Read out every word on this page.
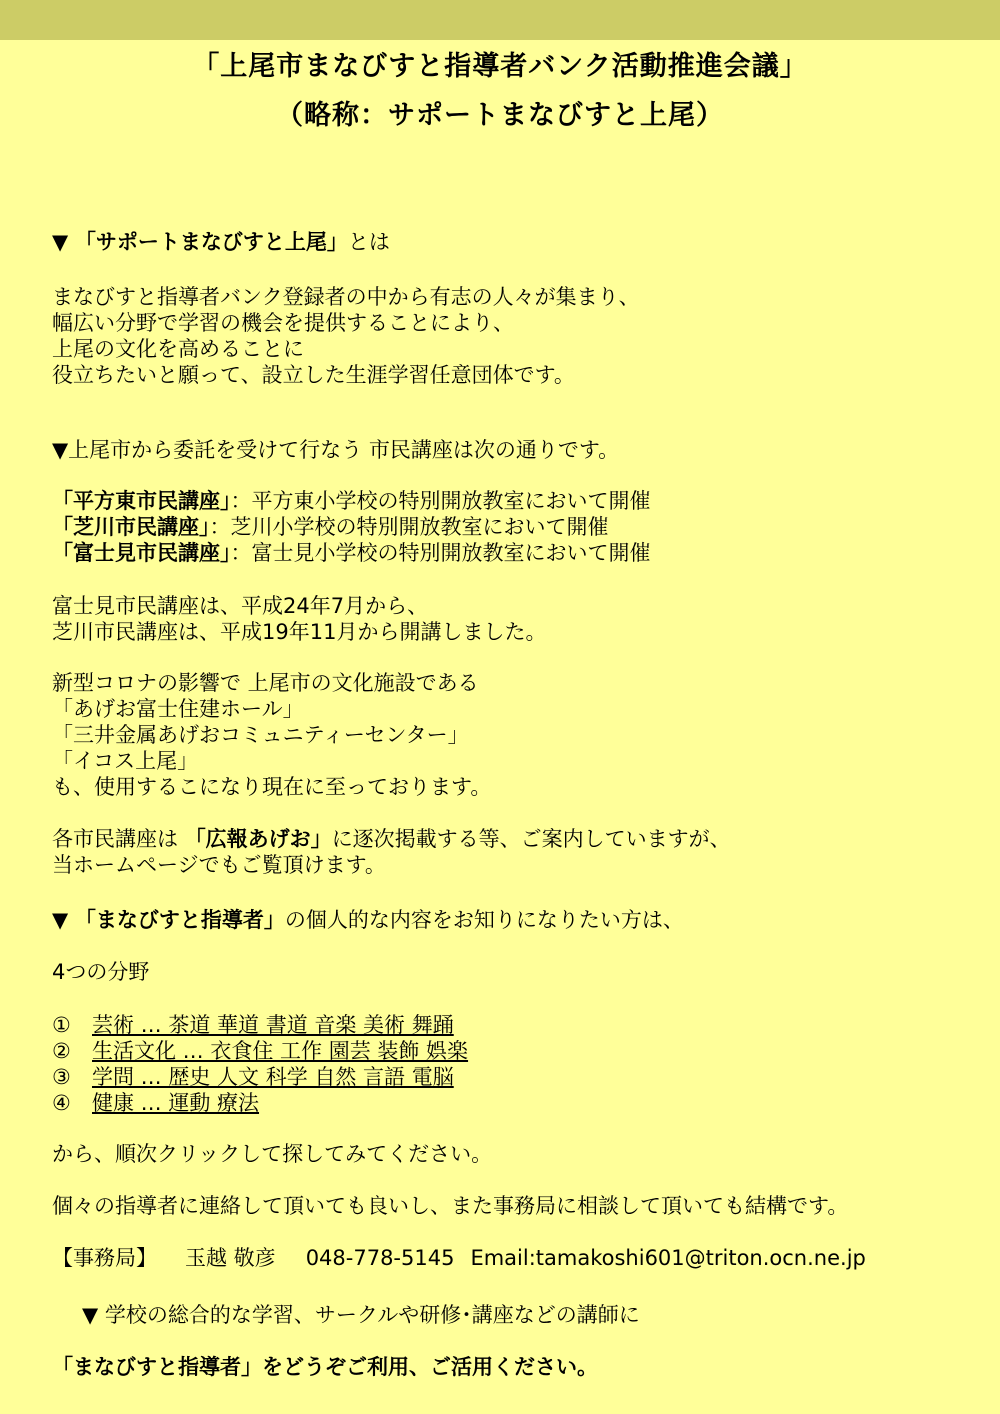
「上尾市まなびすと指導者バンク活動推進会議」
（略称：サポートまなびすと上尾）
▼ 「サポートまなびすと上尾」とは
まなびすと指導者バンク登録者の中から有志の人々が集まり、
幅広い分野で学習の機会を提供することにより、
上尾の文化を高めることに
役立ちたいと願って、設立した生涯学習任意団体です。
▼上尾市から委託を受けて行なう 市民講座は次の通りです。
「平方東市民講座」：平方東小学校の特別開放教室において開催
「芝川市民講座」：芝川小学校の特別開放教室において開催
「富士見市民講座」：富士見小学校の特別開放教室において開催
富士見市民講座は、平成24年7月から、
芝川市民講座は、平成19年11月から開講しました。
新型コロナの影響で 上尾市の文化施設である
「あげお富士住建ホール」
「三井金属あげおコミュニティーセンター」
「イコス上尾」
も、使用するこになり現在に至っております。
各市民講座は 「広報あげお」に逐次掲載する等、ご案内していますが、
当ホームページでもご覧頂けます。
▼ 「まなびすと指導者」の個人的な内容をお知りになりたい方は、
4つの分野
① 芸術 … 茶道 華道 書道 音楽 美術 舞踊
② 生活文化 … 衣食住 工作 園芸 装飾 娯楽
③ 学問 … 歴史 人文 科学 自然 言語 電脳
④ 健康 … 運動 療法
から、順次クリックして探してみてください。
個々の指導者に連絡して頂いても良いし、また事務局に相談して頂いても結構です。
【事務局】 玉越 敬彦 048-778-5145 Email:tamakoshi601@triton.ocn.ne.jp
▼ 学校の総合的な学習、サークルや研修･講座などの講師に
「まなびすと指導者」をどうぞご利用、ご活用ください。
